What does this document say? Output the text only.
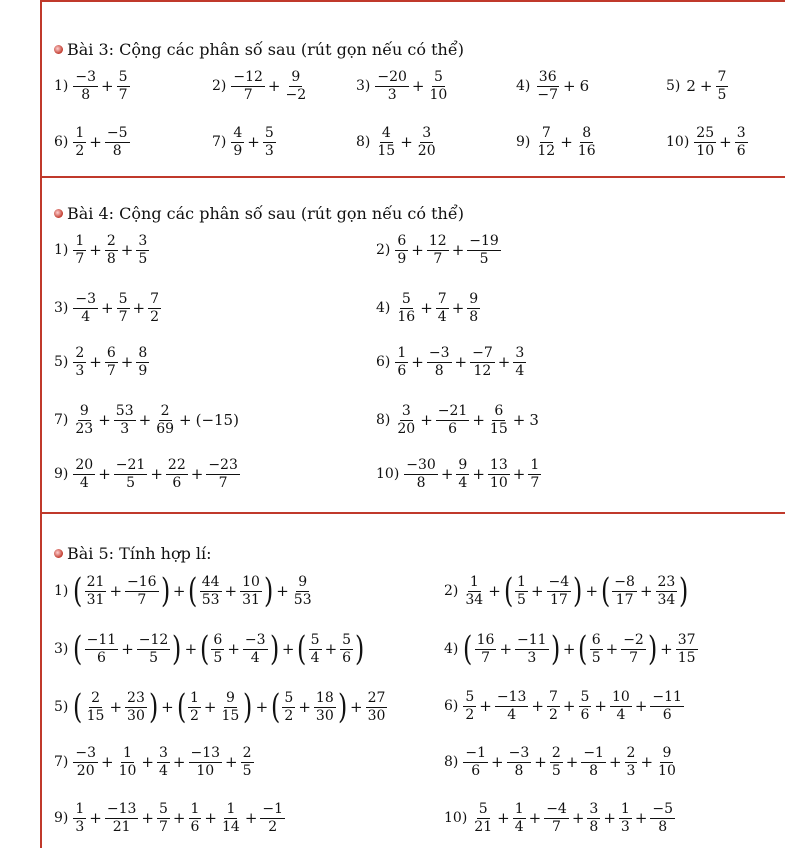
Bài 3: Cộng các phân số sau (rút gọn nếu có thể)
$1) \frac{-3}{8} + \frac{5}{7}$	$2) \frac{-12}{7} + \frac{9}{-2}$	$3) \frac{-20}{3} + \frac{5}{10}$	$4) \frac{36}{-7} + 6$	5) $2 + \frac{7}{5}$
$6) \frac{1}{2} + \frac{-5}{8}$	$7) \frac{4}{9} + \frac{5}{3}$	$8) \frac{4}{15} + \frac{3}{20}$	$9) \frac{7}{12} + \frac{8}{16}$	$10) \frac{25}{10} + \frac{3}{6}$
Bài 4: Cộng các phân số sau (rút gọn nếu có thể)
$1) \frac{1}{7} + \frac{2}{8} + \frac{3}{5}$	$2) \frac{6}{9} + \frac{12}{7} + \frac{-19}{5}$
$3) \frac{-3}{4} + \frac{5}{7} + \frac{7}{2}$	$4) \frac{5}{16} + \frac{7}{4} + \frac{9}{8}$
$5) \frac{2}{3} + \frac{6}{7} + \frac{8}{9}$	$6) \frac{1}{6} + \frac{-3}{8} + \frac{-7}{12} + \frac{3}{4}$
$7) \frac{9}{23} + \frac{53}{3} + \frac{2}{69} + (-15)$	$8) \frac{3}{20} + \frac{-21}{6} + \frac{6}{15} + 3$
$9) \frac{20}{4} + \frac{-21}{5} + \frac{22}{6} + \frac{-23}{7}$	$10) \frac{-30}{8} + \frac{9}{4} + \frac{13}{10} + \frac{1}{7}$
Bài 5: Tính hợp lí:
1) ( $\frac{21}{31} + \frac{-16}{7}$ ) + ( $\frac{44}{53} + \frac{10}{31}$ ) + $\frac{9}{53}$	$2) \frac{1}{34}$ + ( $\frac{1}{5} + \frac{-4}{17}$ ) + ( $\frac{-8}{17} + \frac{23}{34}$ )
3) ( $\frac{-11}{6} + \frac{-12}{5}$ ) + ( $\frac{6}{5} + \frac{-3}{4}$ ) + ( $\frac{5}{4} + \frac{5}{6}$ )	4) ( $\frac{16}{7} + \frac{-11}{3}$ ) + ( $\frac{6}{5} + \frac{-2}{7}$ ) + $\frac{37}{15}$
5) ( $\frac{2}{15} + \frac{23}{30}$ ) + ( $\frac{1}{2} + \frac{9}{15}$ ) + ( $\frac{5}{2} + \frac{18}{30}$ ) + $\frac{27}{30}$	$6) \frac{5}{2} + \frac{-13}{4} + \frac{7}{2} + \frac{5}{6} + \frac{10}{4} + \frac{-11}{6}$
$7) \frac{-3}{20} + \frac{1}{10} + \frac{3}{4} + \frac{-13}{10} + \frac{2}{5}$	$8) \frac{-1}{6} + \frac{-3}{8} + \frac{2}{5} + \frac{-1}{8} + \frac{2}{3} + \frac{9}{10}$
$9) \frac{1}{3} + \frac{-13}{21} + \frac{5}{7} + \frac{1}{6} + \frac{1}{14} + \frac{-1}{2}$	$10) \frac{5}{21} + \frac{1}{4} + \frac{-4}{7} + \frac{3}{8} + \frac{1}{3} + \frac{-5}{8}$
